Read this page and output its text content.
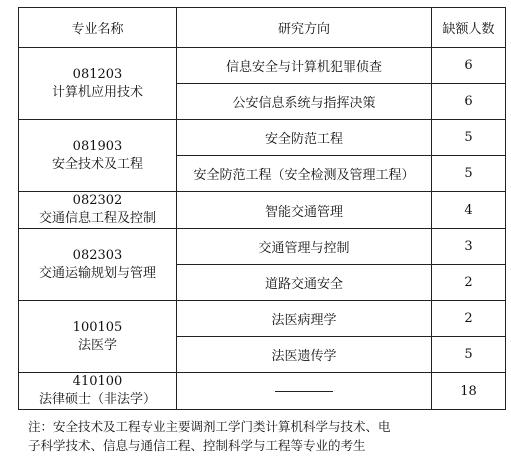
专业名称	研究方向	缺额人数

081203
计算机应用技术	信息安全与计算机犯罪侦查	6
	公安信息系统与指挥决策	6

081903
安全技术及工程	安全防范工程	5
	安全防范工程（安全检测及管理工程）	5

082302
交通信息工程及控制	智能交通管理	4

082303
交通运输规划与管理	交通管理与控制	3
	道路交通安全	2

100105
法医学	法医病理学	2
	法医遗传学	5

410100
法律硕士（非法学）		18
注：安全技术及工程专业主要调剂工学门类计算机科学与技术、电
子科学技术、信息与通信工程、控制科学与工程等专业的考生
